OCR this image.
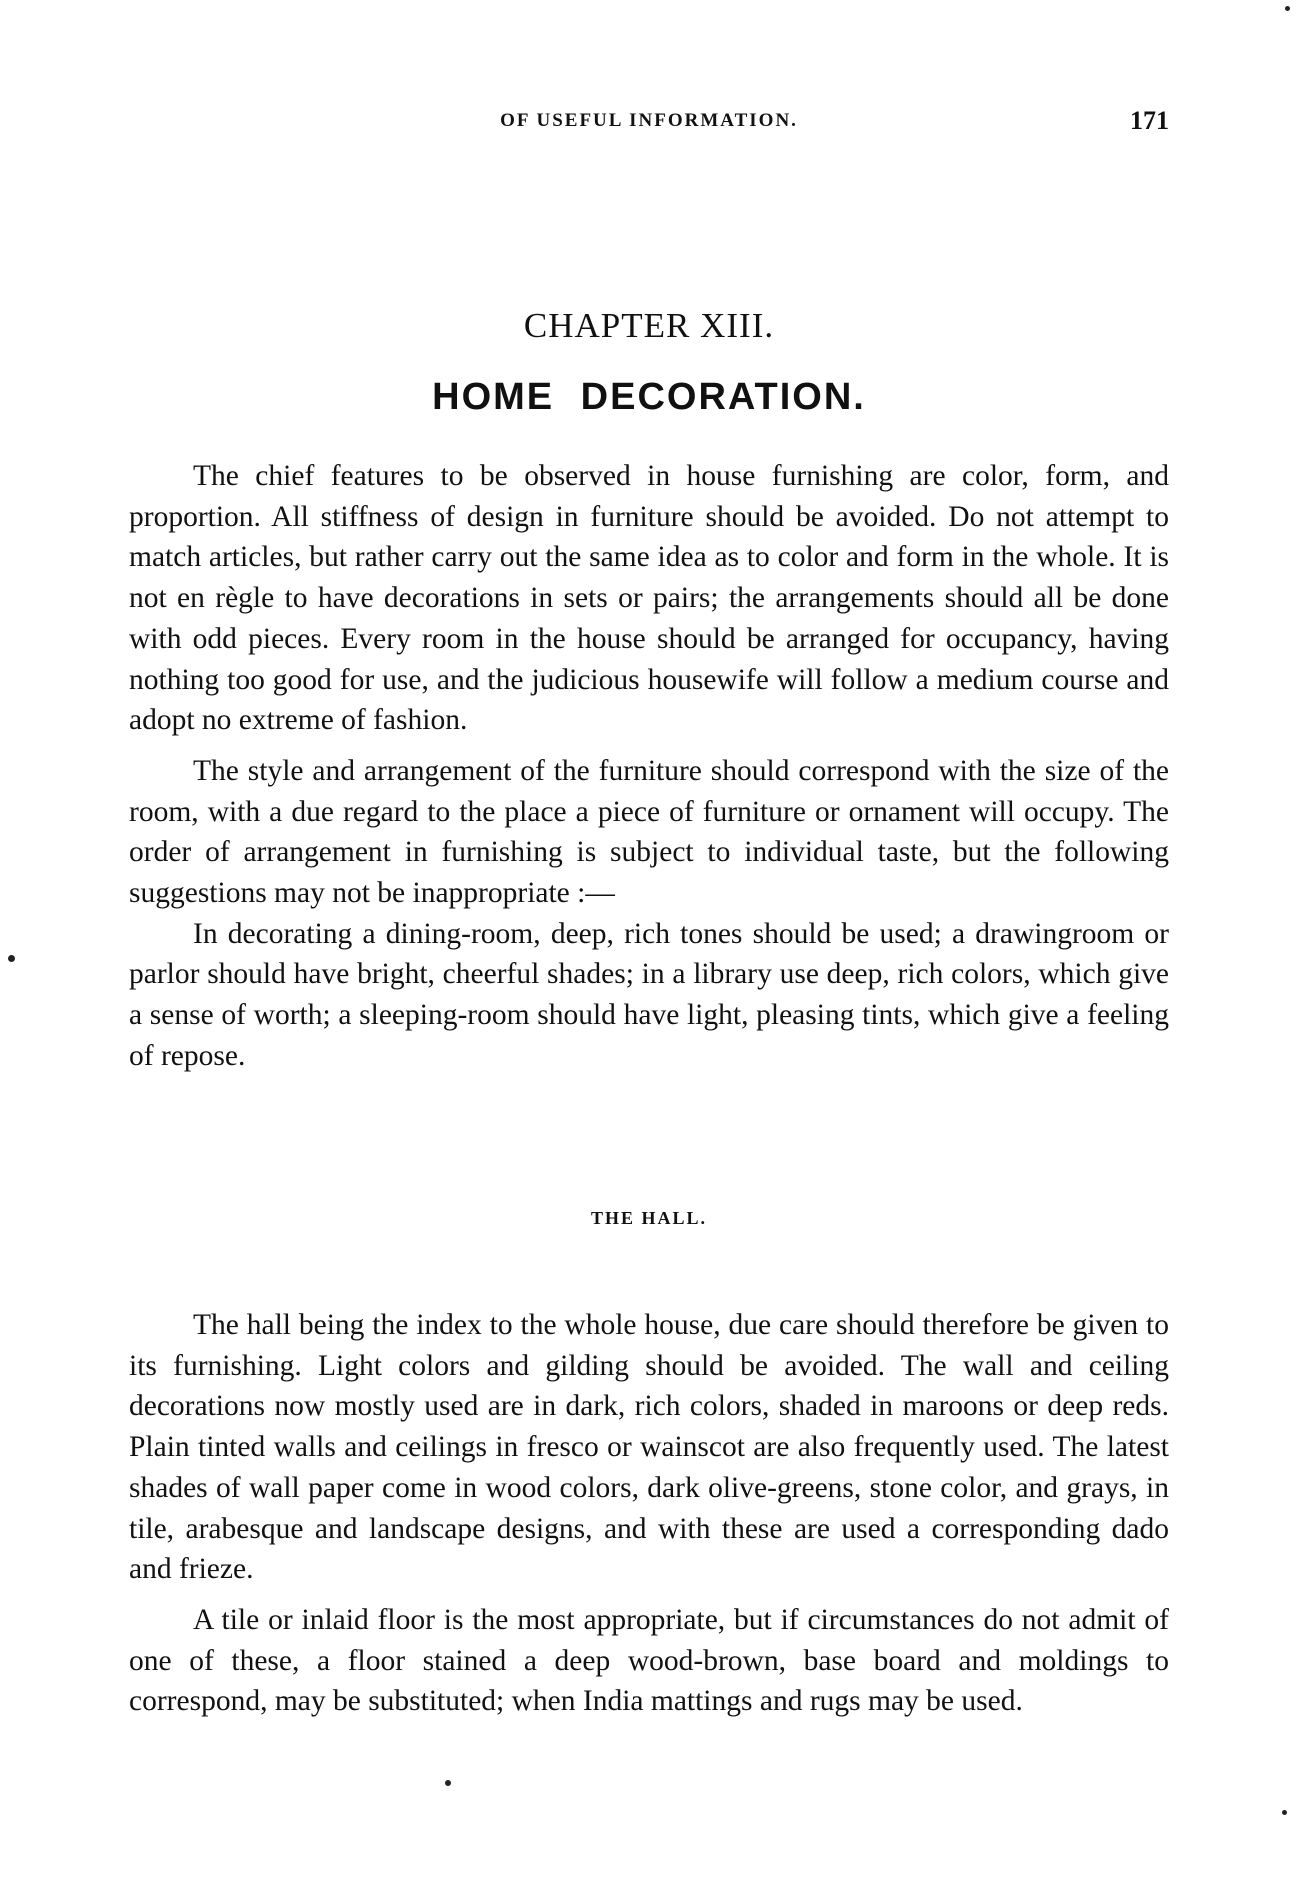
OF USEFUL INFORMATION.	171
CHAPTER XIII.
HOME DECORATION.

The chief features to be observed in house furnishing are color, form, and proportion. All stiffness of design in furniture should be avoided. Do not attempt to match articles, but rather carry out the same idea as to color and form in the whole. It is not en règle to have decorations in sets or pairs; the arrangements should all be done with odd pieces. Every room in the house should be arranged for occupancy, having nothing too good for use, and the judicious housewife will follow a medium course and adopt no extreme of fashion.

The style and arrangement of the furniture should correspond with the size of the room, with a due regard to the place a piece of furniture or ornament will occupy. The order of arrangement in furnishing is subject to individual taste, but the following suggestions may not be inappropriate :—

In decorating a dining-room, deep, rich tones should be used; a drawingroom or parlor should have bright, cheerful shades; in a library use deep, rich colors, which give a sense of worth; a sleeping-room should have light, pleasing tints, which give a feeling of repose.

THE HALL.

The hall being the index to the whole house, due care should therefore be given to its furnishing. Light colors and gilding should be avoided. The wall and ceiling decorations now mostly used are in dark, rich colors, shaded in maroons or deep reds. Plain tinted walls and ceilings in fresco or wainscot are also frequently used. The latest shades of wall paper come in wood colors, dark olive-greens, stone color, and grays, in tile, arabesque and landscape designs, and with these are used a corresponding dado and frieze.

A tile or inlaid floor is the most appropriate, but if circumstances do not admit of one of these, a floor stained a deep wood-brown, base board and moldings to correspond, may be substituted; when India mattings and rugs may be used.
